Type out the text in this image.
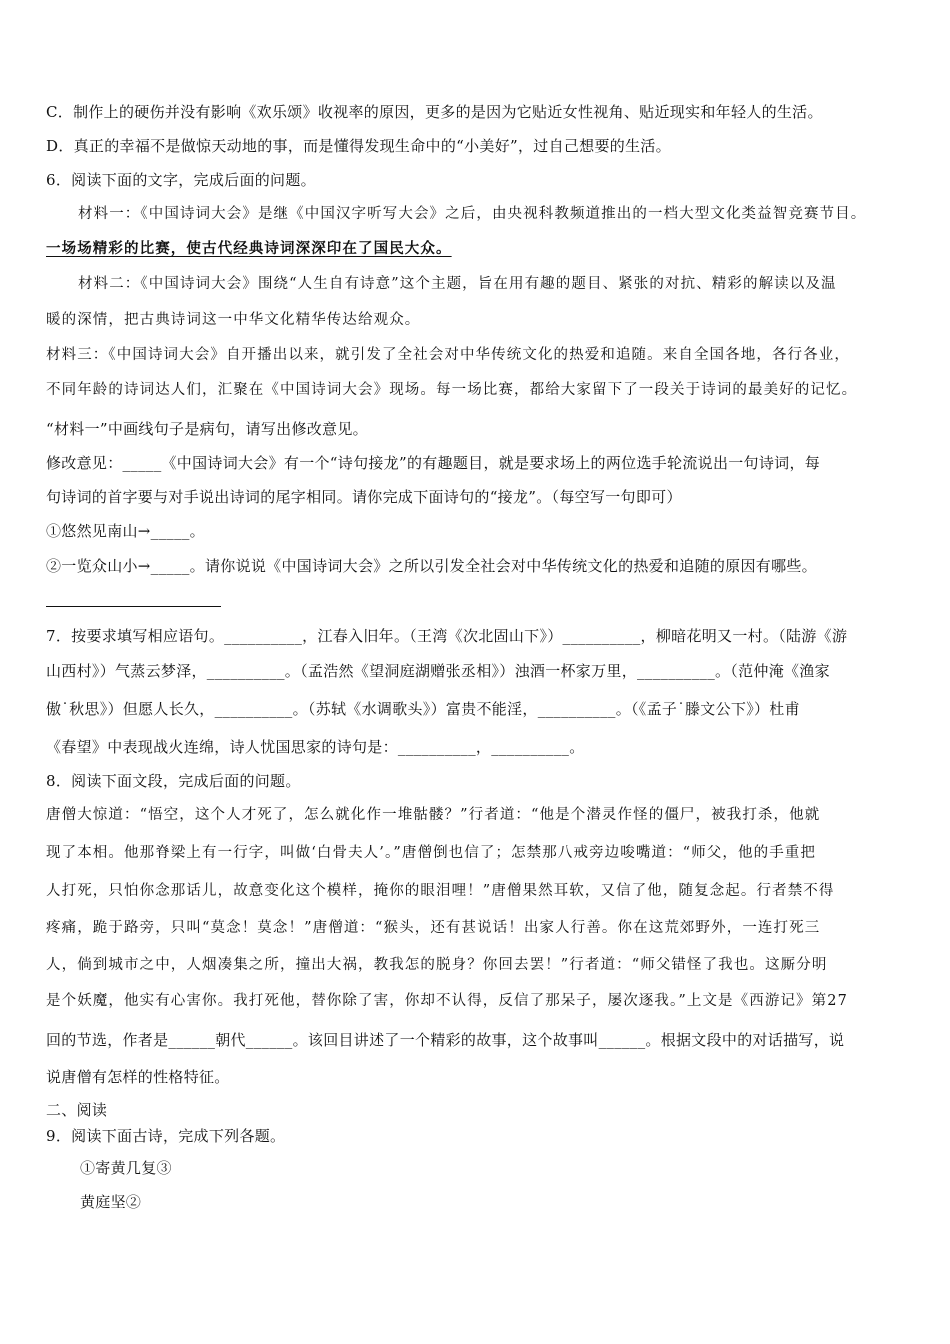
C．制作上的硬伤并没有影响《欢乐颂》收视率的原因，更多的是因为它贴近女性视角、贴近现实和年轻人的生活。
D．真正的幸福不是做惊天动地的事，而是懂得发现生命中的“小美好”，过自己想要的生活。
6．阅读下面的文字，完成后面的问题。
材料一：《中国诗词大会》是继《中国汉字听写大会》之后，由央视科教频道推出的一档大型文化类益智竞赛节目。
一场场精彩的比赛，使古代经典诗词深深印在了国民大众。
材料二：《中国诗词大会》围绕“人生自有诗意”这个主题，旨在用有趣的题目、紧张的对抗、精彩的解读以及温
暖的深情，把古典诗词这一中华文化精华传达给观众。
材料三：《中国诗词大会》自开播出以来，就引发了全社会对中华传统文化的热爱和追随。来自全国各地，各行各业，
不同年龄的诗词达人们，汇聚在《中国诗词大会》现场。每一场比赛，都给大家留下了一段关于诗词的最美好的记忆。
“材料一”中画线句子是病句，请写出修改意见。
修改意见：_____《中国诗词大会》有一个“诗句接龙”的有趣题目，就是要求场上的两位选手轮流说出一句诗词，每
句诗词的首字要与对手说出诗词的尾字相同。请你完成下面诗句的“接龙”。（每空写一句即可）
①悠然见南山→_____。
②一览众山小→_____。请你说说《中国诗词大会》之所以引发全社会对中华传统文化的热爱和追随的原因有哪些。
7．按要求填写相应语句。__________，江春入旧年。（王湾《次北固山下》）__________，柳暗花明又一村。（陆游《游
山西村》）气蒸云梦泽，__________。（孟浩然《望洞庭湖赠张丞相》）浊酒一杯家万里，__________。（范仲淹《渔家
傲˙秋思》）但愿人长久，__________。（苏轼《水调歌头》）富贵不能淫，__________。（《孟子˙滕文公下》）杜甫
《春望》中表现战火连绵，诗人忧国思家的诗句是：__________，__________。
8．阅读下面文段，完成后面的问题。
唐僧大惊道：“悟空，这个人才死了，怎么就化作一堆骷髅？”行者道：“他是个潜灵作怪的僵尸，被我打杀，他就
现了本相。他那脊梁上有一行字，叫做‘白骨夫人’。”唐僧倒也信了；怎禁那八戒旁边唆嘴道：“师父，他的手重把
人打死，只怕你念那话儿，故意变化这个模样，掩你的眼泪哩！”唐僧果然耳软，又信了他，随复念起。行者禁不得
疼痛，跪于路旁，只叫“莫念！莫念！”唐僧道：“猴头，还有甚说话！出家人行善。你在这荒郊野外，一连打死三
人，倘到城市之中，人烟凑集之所，撞出大祸，教我怎的脱身？你回去罢！”行者道：“师父错怪了我也。这厮分明
是个妖魔，他实有心害你。我打死他，替你除了害，你却不认得，反信了那呆子，屡次逐我。”上文是《西游记》第27
回的节选，作者是______朝代______。该回目讲述了一个精彩的故事，这个故事叫______。根据文段中的对话描写，说
说唐僧有怎样的性格特征。
二、阅读
9．阅读下面古诗，完成下列各题。
①寄黄几复③
黄庭坚②
